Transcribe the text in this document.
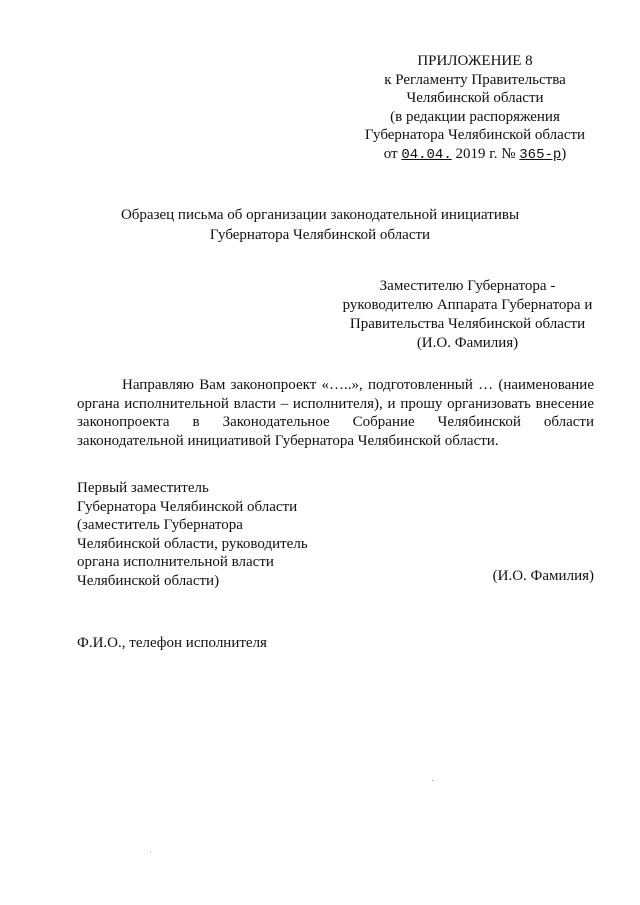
ПРИЛОЖЕНИЕ 8
к Регламенту Правительства
Челябинской области
(в редакции распоряжения
Губернатора Челябинской области
от 04.04. 2019 г. № 365-р)
Образец письма об организации законодательной инициативы
Губернатора Челябинской области
Заместителю Губернатора -
руководителю Аппарата Губернатора и
Правительства Челябинской области
(И.О. Фамилия)
Направляю Вам законопроект «…..», подготовленный … (наименование органа исполнительной власти – исполнителя), и прошу организовать внесение законопроекта в Законодательное Собрание Челябинской области законодательной инициативой Губернатора Челябинской области.
Первый заместитель
Губернатора Челябинской области
(заместитель Губернатора
Челябинской области, руководитель
органа исполнительной власти
Челябинской области)	(И.О. Фамилия)
Ф.И.О., телефон исполнителя
